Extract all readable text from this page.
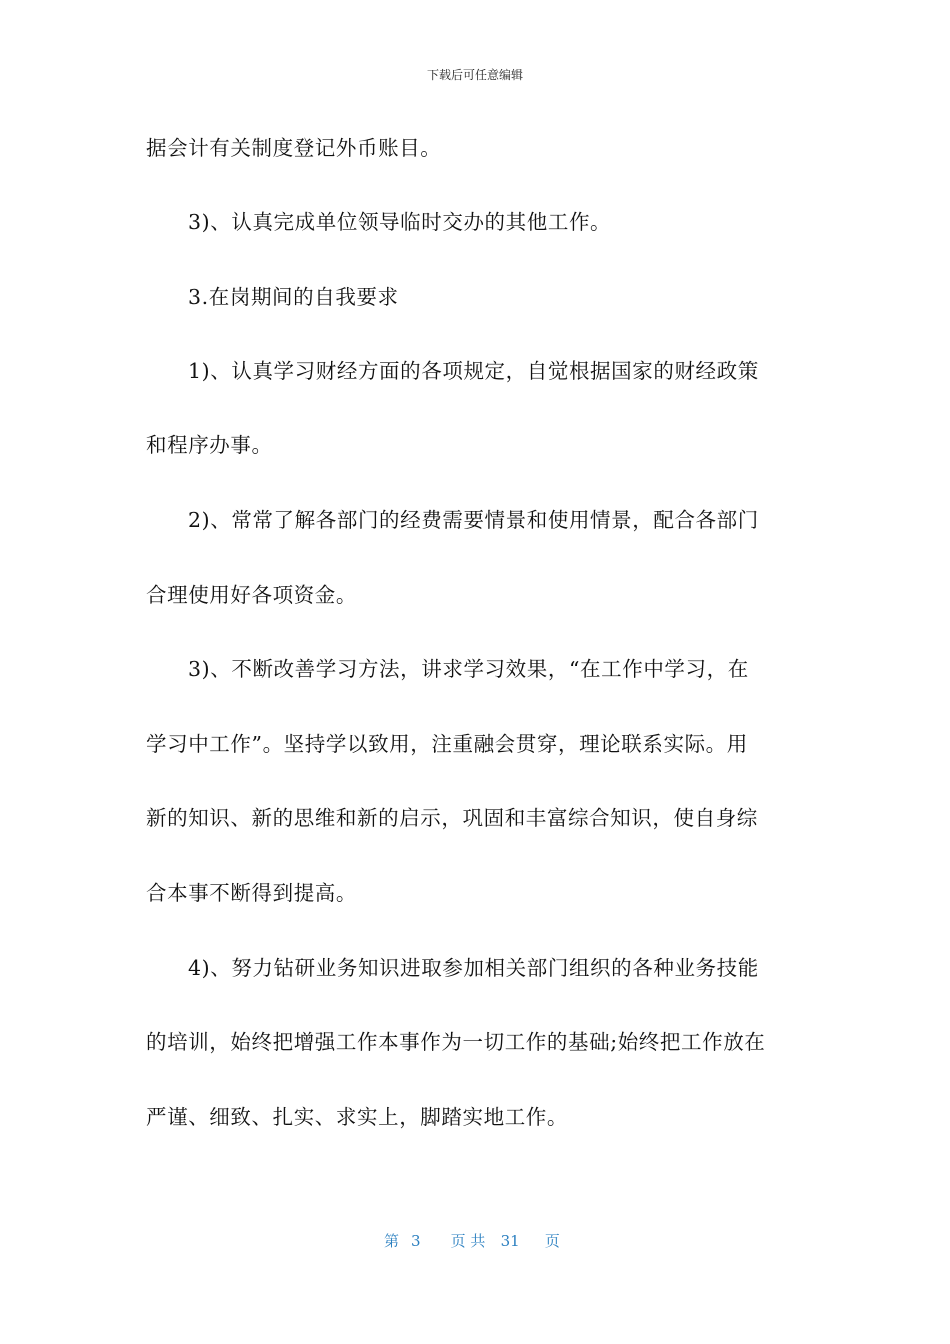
下载后可任意编辑
据会计有关制度登记外币账目。
3)、认真完成单位领导临时交办的其他工作。
3.在岗期间的自我要求
1)、认真学习财经方面的各项规定，自觉根据国家的财经政策
和程序办事。
2)、常常了解各部门的经费需要情景和使用情景，配合各部门
合理使用好各项资金。
3)、不断改善学习方法，讲求学习效果，“在工作中学习，在
学习中工作”。坚持学以致用，注重融会贯穿，理论联系实际。用
新的知识、新的思维和新的启示，巩固和丰富综合知识，使自身综
合本事不断得到提高。
4)、努力钻研业务知识进取参加相关部门组织的各种业务技能
的培训，始终把增强工作本事作为一切工作的基础;始终把工作放在
严谨、细致、扎实、求实上，脚踏实地工作。
第 3 页 共 31 页
